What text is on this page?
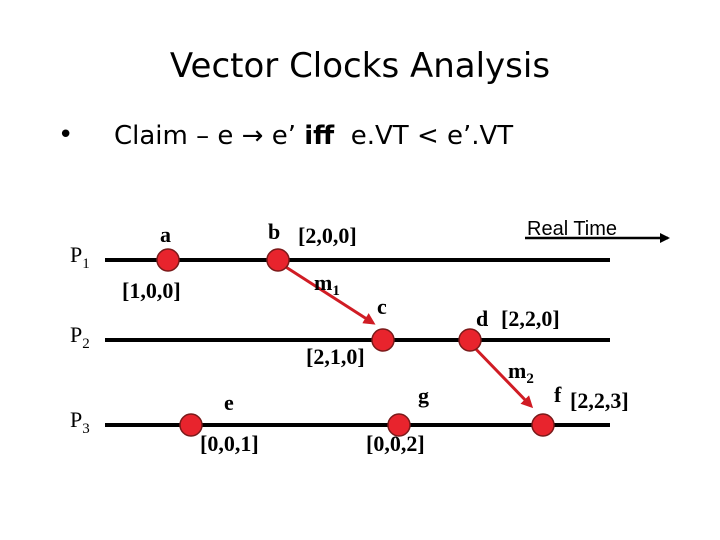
Vector Clocks Analysis
• Claim – e → e’ iff  e.VT < e’.VT
Real Time
$P_1$
$P_2$
$P_3$
$m_1$
$m_2$
a	b
c	d
e	g	f
[1,0,0]
[2,0,0]
[2,1,0]
[2,2,0]
[0,0,1]	[0,0,2]
[2,2,3]
